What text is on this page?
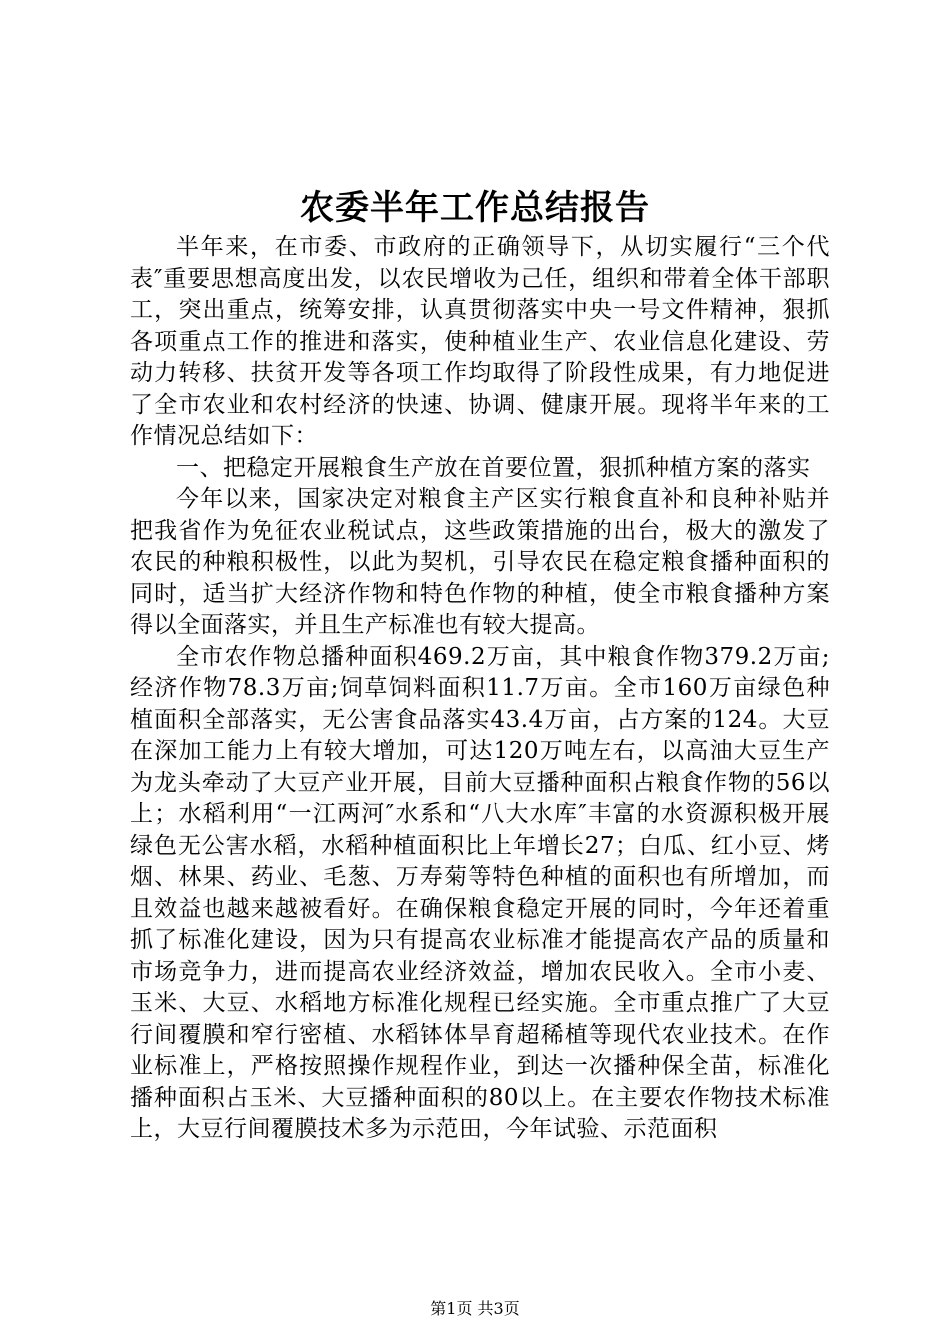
农委半年工作总结报告

半年来，在市委、市政府的正确领导下，从切实履行“三个代表″重要思想高度出发，以农民增收为己任，组织和带着全体干部职工，突出重点，统筹安排，认真贯彻落实中央一号文件精神，狠抓各项重点工作的推进和落实，使种植业生产、农业信息化建设、劳动力转移、扶贫开发等各项工作均取得了阶段性成果，有力地促进了全市农业和农村经济的快速、协调、健康开展。现将半年来的工作情况总结如下：

一、把稳定开展粮食生产放在首要位置，狠抓种植方案的落实

今年以来，国家决定对粮食主产区实行粮食直补和良种补贴并把我省作为免征农业税试点，这些政策措施的出台，极大的激发了农民的种粮积极性，以此为契机，引导农民在稳定粮食播种面积的同时，适当扩大经济作物和特色作物的种植，使全市粮食播种方案得以全面落实，并且生产标准也有较大提高。

全市农作物总播种面积469.2万亩，其中粮食作物379.2万亩;经济作物78.3万亩;饲草饲料面积11.7万亩。全市160万亩绿色种植面积全部落实，无公害食品落实43.4万亩，占方案的124。大豆在深加工能力上有较大增加，可达120万吨左右，以高油大豆生产为龙头牵动了大豆产业开展，目前大豆播种面积占粮食作物的56以上；水稻利用“一江两河″水系和“八大水库″丰富的水资源积极开展绿色无公害水稻，水稻种植面积比上年增长27；白瓜、红小豆、烤烟、林果、药业、毛葱、万寿菊等特色种植的面积也有所增加，而且效益也越来越被看好。在确保粮食稳定开展的同时，今年还着重抓了标准化建设，因为只有提高农业标准才能提高农产品的质量和市场竞争力，进而提高农业经济效益，增加农民收入。全市小麦、玉米、大豆、水稻地方标准化规程已经实施。全市重点推广了大豆行间覆膜和窄行密植、水稻钵体旱育超稀植等现代农业技术。在作业标准上，严格按照操作规程作业，到达一次播种保全苗，标准化播种面积占玉米、大豆播种面积的80以上。在主要农作物技术标准上，大豆行间覆膜技术多为示范田，今年试验、示范面积

第1页 共3页
